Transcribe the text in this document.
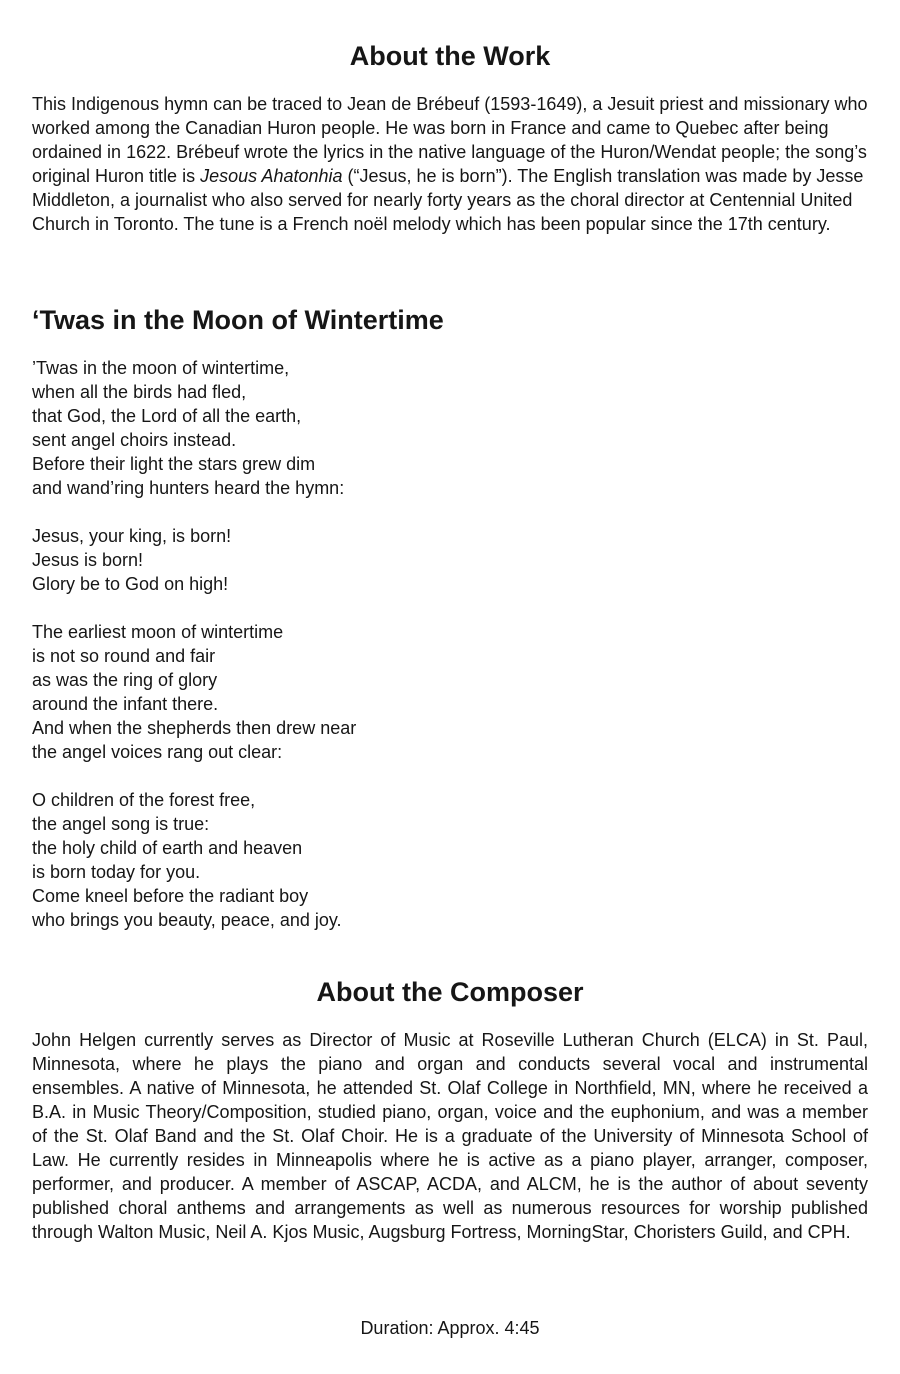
About the Work

This Indigenous hymn can be traced to Jean de Brébeuf (1593-1649), a Jesuit priest and missionary who worked among the Canadian Huron people. He was born in France and came to Quebec after being ordained in 1622. Brébeuf wrote the lyrics in the native language of the Huron/Wendat people; the song’s original Huron title is Jesous Ahatonhia (“Jesus, he is born”). The English translation was made by Jesse Middleton, a journalist who also served for nearly forty years as the choral director at Centennial United Church in Toronto. The tune is a French noël melody which has been popular since the 17th century.

‘Twas in the Moon of Wintertime
’Twas in the moon of wintertime,
when all the birds had fled,
that God, the Lord of all the earth,
sent angel choirs instead.
Before their light the stars grew dim
and wand’ring hunters heard the hymn:
Jesus, your king, is born!
Jesus is born!
Glory be to God on high!
The earliest moon of wintertime
is not so round and fair
as was the ring of glory
around the infant there.
And when the shepherds then drew near
the angel voices rang out clear:
O children of the forest free,
the angel song is true:
the holy child of earth and heaven
is born today for you.
Come kneel before the radiant boy
who brings you beauty, peace, and joy.
About the Composer

John Helgen currently serves as Director of Music at Roseville Lutheran Church (ELCA) in St. Paul, Minnesota, where he plays the piano and organ and conducts several vocal and instrumental ensembles. A native of Minnesota, he attended St. Olaf College in Northfield, MN, where he received a B.A. in Music Theory/Composition, studied piano, organ, voice and the euphonium, and was a member of the St. Olaf Band and the St. Olaf Choir. He is a graduate of the University of Minnesota School of Law. He currently resides in Minneapolis where he is active as a piano player, arranger, composer, performer, and producer. A member of ASCAP, ACDA, and ALCM, he is the author of about seventy published choral anthems and arrangements as well as numerous resources for worship published through Walton Music, Neil A. Kjos Music, Augsburg Fortress, MorningStar, Choristers Guild, and CPH.

Duration: Approx. 4:45
